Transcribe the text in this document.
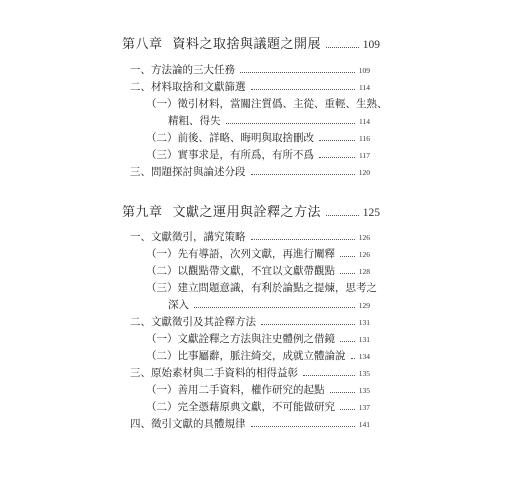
第八章 資料之取捨與議題之開展	109
一、方法論的三大任務	109
二、材料取捨和文獻篩選	114
（一）徵引材料，當關注質僞、主從、重輕、生熟、
精粗、得失	114
（二）前後、詳略、晦明與取捨刪改	116
（三）實事求是，有所爲，有所不爲	117
三、問題探討與論述分段	120
第九章 文獻之運用與詮釋之方法	125
一、文獻徵引，講究策略	126
（一）先有導語，次列文獻，再進行闡釋	126
（二）以觀點帶文獻，不宜以文獻帶觀點	128
（三）建立問題意識，有利於論點之提煉，思考之
深入	129
二、文獻徵引及其詮釋方法	131
（一）文獻詮釋之方法與注史體例之借鏡	131
（二）比事屬辭，脈注綺交，成就立體論說 134
三、原始素材與二手資料的相得益彰	135
（一）善用二手資料，權作研究的起點	135
（二）完全憑藉原典文獻，不可能做研究	137
四、徵引文獻的具體規律	141
